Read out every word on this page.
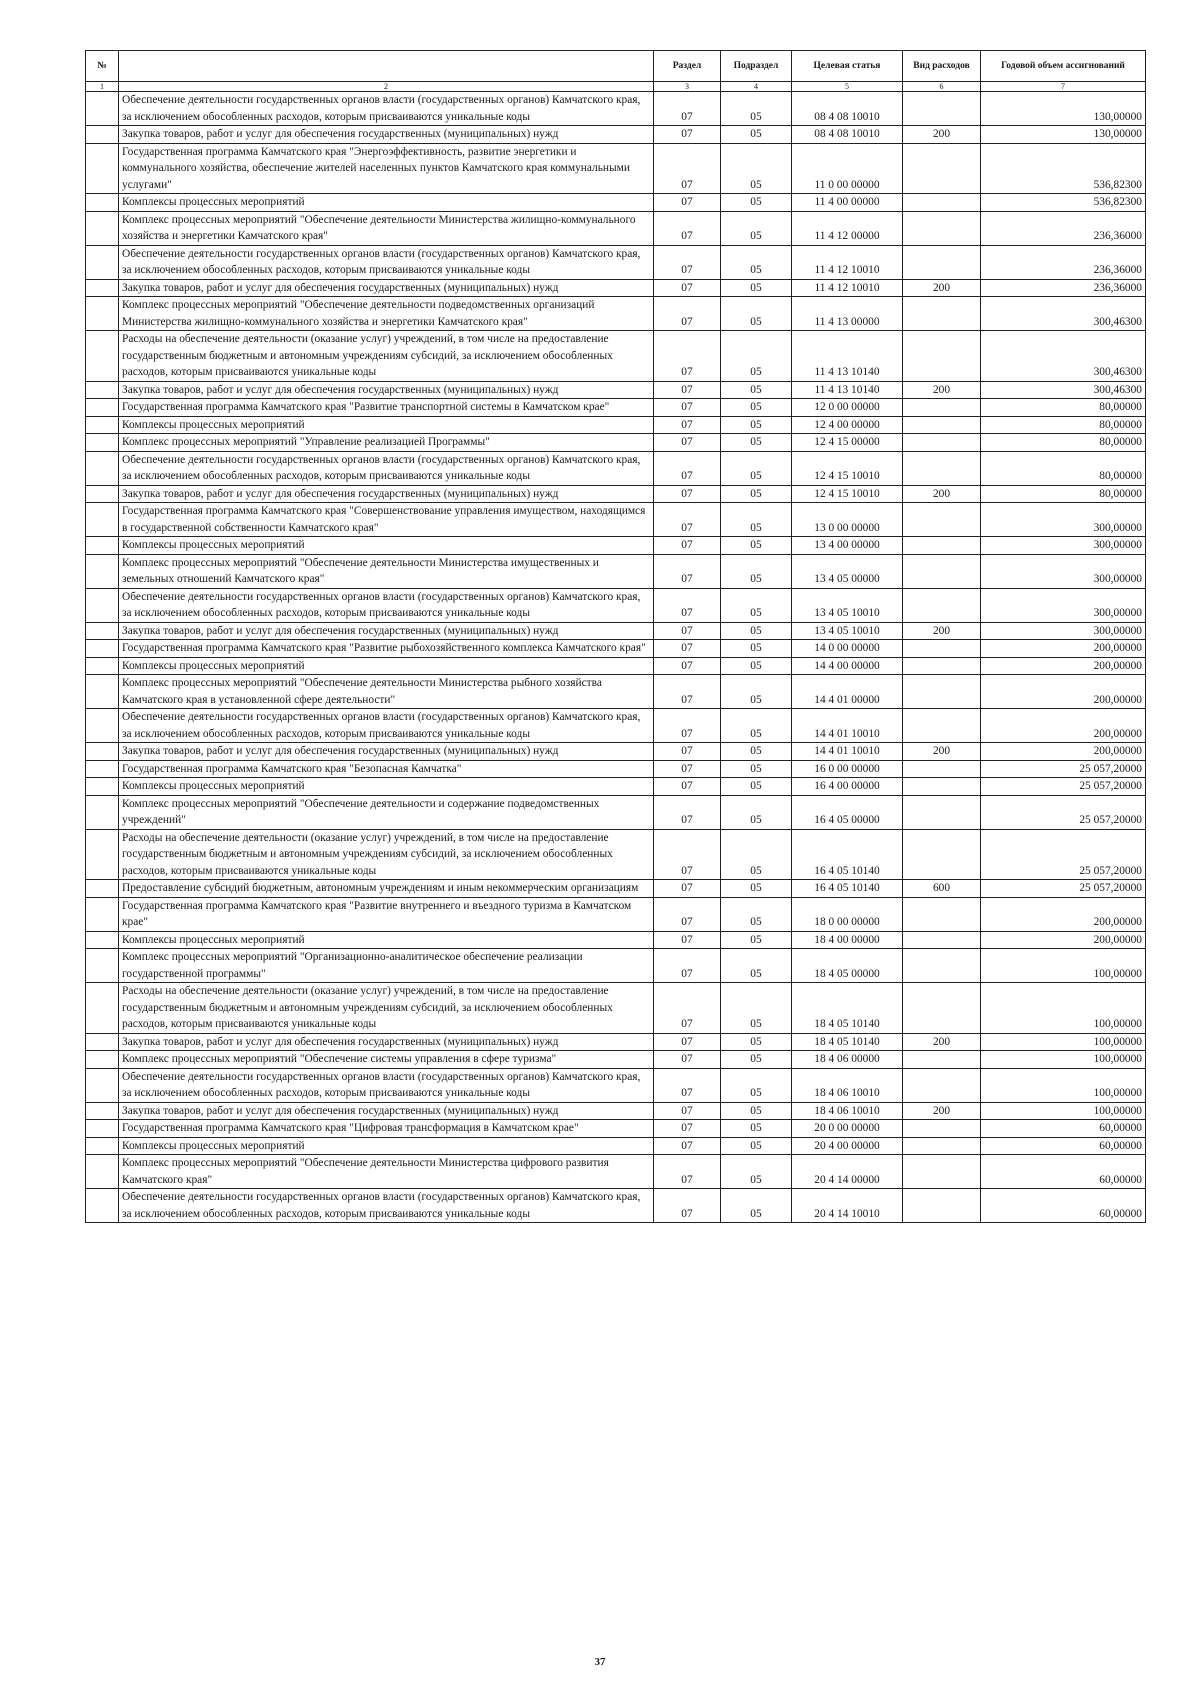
№		Раздел	Подраздел	Целевая статья	Вид расходов	Годовой объем ассигнований
1	2	3	4	5	6	7
	Обеспечение деятельности государственных органов власти (государственных органов) Камчатского края, за исключением обособленных расходов, которым присваиваются уникальные коды	07	05	08 4 08 10010		130,00000
	Закупка товаров, работ и услуг для обеспечения государственных (муниципальных) нужд	07	05	08 4 08 10010	200	130,00000
	Государственная программа Камчатского края "Энергоэффективность, развитие энергетики и коммунального хозяйства, обеспечение жителей населенных пунктов Камчатского края коммунальными услугами"	07	05	11 0 00 00000		536,82300
	Комплексы процессных мероприятий	07	05	11 4 00 00000		536,82300
	Комплекс процессных мероприятий "Обеспечение деятельности Министерства жилищно-коммунального хозяйства и энергетики Камчатского края"	07	05	11 4 12 00000		236,36000
	Обеспечение деятельности государственных органов власти (государственных органов) Камчатского края, за исключением обособленных расходов, которым присваиваются уникальные коды	07	05	11 4 12 10010		236,36000
	Закупка товаров, работ и услуг для обеспечения государственных (муниципальных) нужд	07	05	11 4 12 10010	200	236,36000
	Комплекс процессных мероприятий "Обеспечение деятельности подведомственных организаций Министерства жилищно-коммунального хозяйства и энергетики Камчатского края"	07	05	11 4 13 00000		300,46300
	Расходы на обеспечение деятельности (оказание услуг) учреждений, в том числе на предоставление государственным бюджетным и автономным учреждениям субсидий, за исключением обособленных расходов, которым присваиваются уникальные коды	07	05	11 4 13 10140		300,46300
	Закупка товаров, работ и услуг для обеспечения государственных (муниципальных) нужд	07	05	11 4 13 10140	200	300,46300
	Государственная программа Камчатского края "Развитие транспортной системы в Камчатском крае"	07	05	12 0 00 00000		80,00000
	Комплексы процессных мероприятий	07	05	12 4 00 00000		80,00000
	Комплекс процессных мероприятий "Управление реализацией Программы"	07	05	12 4 15 00000		80,00000
	Обеспечение деятельности государственных органов власти (государственных органов) Камчатского края, за исключением обособленных расходов, которым присваиваются уникальные коды	07	05	12 4 15 10010		80,00000
	Закупка товаров, работ и услуг для обеспечения государственных (муниципальных) нужд	07	05	12 4 15 10010	200	80,00000
	Государственная программа Камчатского края "Совершенствование управления имуществом, находящимся в государственной собственности Камчатского края"	07	05	13 0 00 00000		300,00000
	Комплексы процессных мероприятий	07	05	13 4 00 00000		300,00000
	Комплекс процессных мероприятий "Обеспечение деятельности Министерства имущественных и земельных отношений Камчатского края"	07	05	13 4 05 00000		300,00000
	Обеспечение деятельности государственных органов власти (государственных органов) Камчатского края, за исключением обособленных расходов, которым присваиваются уникальные коды	07	05	13 4 05 10010		300,00000
	Закупка товаров, работ и услуг для обеспечения государственных (муниципальных) нужд	07	05	13 4 05 10010	200	300,00000
	Государственная программа Камчатского края "Развитие рыбохозяйственного комплекса Камчатского края"	07	05	14 0 00 00000		200,00000
	Комплексы процессных мероприятий	07	05	14 4 00 00000		200,00000
	Комплекс процессных мероприятий "Обеспечение деятельности Министерства рыбного хозяйства Камчатского края в установленной сфере деятельности"	07	05	14 4 01 00000		200,00000
	Обеспечение деятельности государственных органов власти (государственных органов) Камчатского края, за исключением обособленных расходов, которым присваиваются уникальные коды	07	05	14 4 01 10010		200,00000
	Закупка товаров, работ и услуг для обеспечения государственных (муниципальных) нужд	07	05	14 4 01 10010	200	200,00000
	Государственная программа Камчатского края "Безопасная Камчатка"	07	05	16 0 00 00000		25 057,20000
	Комплексы процессных мероприятий	07	05	16 4 00 00000		25 057,20000
	Комплекс процессных мероприятий "Обеспечение деятельности и содержание подведомственных учреждений"	07	05	16 4 05 00000		25 057,20000
	Расходы на обеспечение деятельности (оказание услуг) учреждений, в том числе на предоставление государственным бюджетным и автономным учреждениям субсидий, за исключением обособленных расходов, которым присваиваются уникальные коды	07	05	16 4 05 10140		25 057,20000
	Предоставление субсидий бюджетным, автономным учреждениям и иным некоммерческим организациям	07	05	16 4 05 10140	600	25 057,20000
	Государственная программа Камчатского края "Развитие внутреннего и въездного туризма в Камчатском крае"	07	05	18 0 00 00000		200,00000
	Комплексы процессных мероприятий	07	05	18 4 00 00000		200,00000
	Комплекс процессных мероприятий "Организационно-аналитическое обеспечение реализации государственной программы"	07	05	18 4 05 00000		100,00000
	Расходы на обеспечение деятельности (оказание услуг) учреждений, в том числе на предоставление государственным бюджетным и автономным учреждениям субсидий, за исключением обособленных расходов, которым присваиваются уникальные коды	07	05	18 4 05 10140		100,00000
	Закупка товаров, работ и услуг для обеспечения государственных (муниципальных) нужд	07	05	18 4 05 10140	200	100,00000
	Комплекс процессных мероприятий "Обеспечение системы управления в сфере туризма"	07	05	18 4 06 00000		100,00000
	Обеспечение деятельности государственных органов власти (государственных органов) Камчатского края, за исключением обособленных расходов, которым присваиваются уникальные коды	07	05	18 4 06 10010		100,00000
	Закупка товаров, работ и услуг для обеспечения государственных (муниципальных) нужд	07	05	18 4 06 10010	200	100,00000
	Государственная программа Камчатского края "Цифровая трансформация в Камчатском крае"	07	05	20 0 00 00000		60,00000
	Комплексы процессных мероприятий	07	05	20 4 00 00000		60,00000
	Комплекс процессных мероприятий "Обеспечение деятельности Министерства цифрового развития Камчатского края"	07	05	20 4 14 00000		60,00000
	Обеспечение деятельности государственных органов власти (государственных органов) Камчатского края, за исключением обособленных расходов, которым присваиваются уникальные коды	07	05	20 4 14 10010		60,00000
37
